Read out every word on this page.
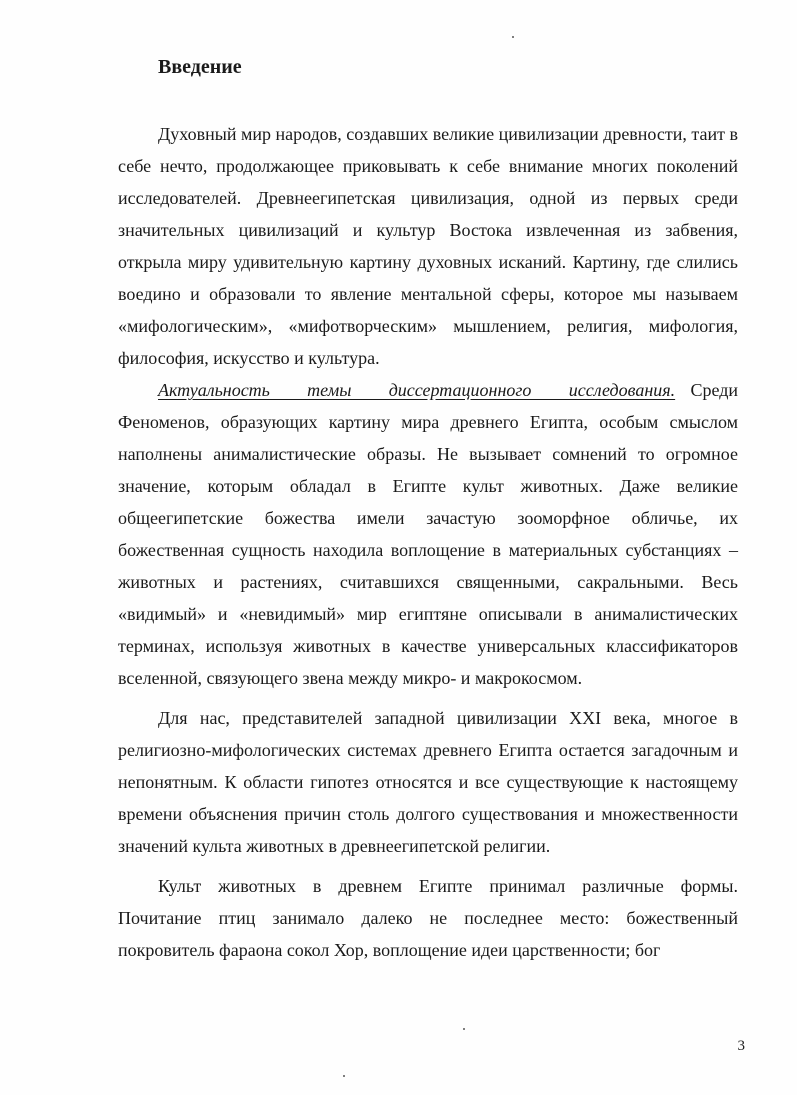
Введение

Духовный мир народов, создавших великие цивилизации древности, таит в себе нечто, продолжающее приковывать к себе внимание многих поколений исследователей. Древнеегипетская цивилизация, одной из первых среди значительных цивилизаций и культур Востока извлеченная из забвения, открыла миру удивительную картину духовных исканий. Картину, где слились воедино и образовали то явление ментальной сферы, которое мы называем «мифологическим», «мифотворческим» мышлением, религия, мифология, философия, искусство и культура.

Актуальность темы диссертационного исследования. Среди Феноменов, образующих картину мира древнего Египта, особым смыслом наполнены анималистические образы. Не вызывает сомнений то огромное значение, которым обладал в Египте культ животных. Даже великие общеегипетские божества имели зачастую зооморфное обличье, их божественная сущность находила воплощение в материальных субстанциях – животных и растениях, считавшихся священными, сакральными. Весь «видимый» и «невидимый» мир египтяне описывали в анималистических терминах, используя животных в качестве универсальных классификаторов вселенной, связующего звена между микро- и макрокосмом.

Для нас, представителей западной цивилизации XXI века, многое в религиозно-мифологических системах древнего Египта остается загадочным и непонятным. К области гипотез относятся и все существующие к настоящему времени объяснения причин столь долгого существования и множественности значений культа животных в древнеегипетской религии.

Культ животных в древнем Египте принимал различные формы. Почитание птиц занимало далеко не последнее место: божественный покровитель фараона сокол Хор, воплощение идеи царственности; бог

3
